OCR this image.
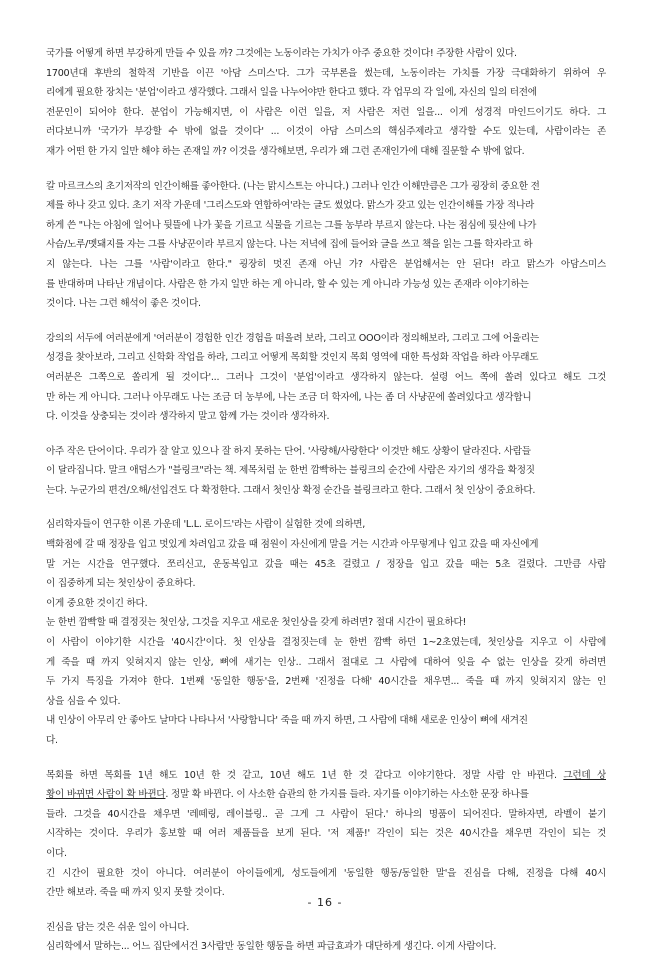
국가를 어떻게 하면 부강하게 만들 수 있을 까? 그것에는 노동이라는 가치가 아주 중요한 것이다! 주장한 사람이 있다.
1700년대 후반의 철학적 기반을 이끈 '아담 스미스'다. 그가 국부론을 썼는데, 노동이라는 가치를 가장 극대화하기 위하여 우
리에게 필요한 장치는 '분업'이라고 생각했다. 그래서 일을 나누어야만 한다고 했다. 각 업무의 각 일에, 자신의 일의 터전에
전문인이 되어야 한다. 분업이 가능해지면, 이 사람은 이런 일을, 저 사람은 저런 일을... 이게 성경적 마인드이기도 하다. 그
러다보니까 '국가가 부강할 수 밖에 없을 것이다' ... 이것이 아담 스미스의 핵심주제라고 생각할 수도 있는데, 사람이라는 존
재가 어떤 한 가지 일만 해야 하는 존재일 까? 이것을 생각해보면, 우리가 왜 그런 존재인가에 대해 질문할 수 밖에 없다.
칼 마르크스의 초기저작의 인간이해를 좋아한다. (나는 맑시스트는 아니다.) 그러나 인간 이해만큼은 그가 굉장히 중요한 전
제를 하나 갖고 있다. 초기 저작 가운데 '그리스도와 연합하여'라는 글도 썼었다. 맑스가 갖고 있는 인간이해를 가장 적나라
하게 쓴 "나는 아침에 일어나 뒷뜰에 나가 꽃을 기르고 식물을 기르는 그를 농부라 부르지 않는다. 나는 점심에 뒷산에 나가
사슴/노루/멧돼지를 자는 그를 사냥꾼이라 부르지 않는다. 나는 저녁에 집에 들어와 글을 쓰고 책을 읽는 그를 학자라고 하
지 않는다. 나는 그를 '사람'이라고 한다." 굉장히 멋진 존재 아닌 가? 사람은 분업해서는 안 된다! 라고 맑스가 아담스미스
를 반대하며 나타난 개념이다. 사람은 한 가지 일만 하는 게 아니라, 할 수 있는 게 아니라 가능성 있는 존재라 이야기하는
것이다. 나는 그런 해석이 좋은 것이다.
강의의 서두에 여러분에게 '여러분이 경험한 인간 경험을 떠올려 보라, 그리고 OOO이라 정의해보라, 그리고 그에 어울리는
성경을 찾아보라, 그리고 신학화 작업을 하라, 그리고 어떻게 목회할 것인지 목회 영역에 대한 특성화 작업을 하라 아무래도
여러분은 그쪽으로 쏠리게 될 것이다'... 그러나 그것이 '분업'이라고 생각하지 않는다. 설령 어느 쪽에 쏠려 있다고 해도 그것
만 하는 게 아니다. 그러나 아무래도 나는 조금 더 농부에, 나는 조금 더 학자에, 나는 좀 더 사냥꾼에 쏠려있다고 생각합니
다. 이것을 상충되는 것이라 생각하지 말고 함께 가는 것이라 생각하자.
아주 작은 단어이다. 우리가 잘 알고 있으나 잘 하지 못하는 단어. '사랑해/사랑한다' 이것만 해도 상황이 달라진다. 사람들
이 달라집니다. 말크 애덤스가 "블링크"라는 책. 제목처럼 눈 한번 깜빡하는 블링크의 순간에 사람은 자기의 생각을 확정짓
는다. 누군가의 편견/오해/선입견도 다 확정한다. 그래서 첫인상 확정 순간을 블링크라고 한다. 그래서 첫 인상이 중요하다.
심리학자들이 연구한 이론 가운데 'L.L. 로이드'라는 사람이 실험한 것에 의하면,
백화점에 갈 때 정장을 입고 멋있게 차려입고 갔을 때 점원이 자신에게 말을 거는 시간과 아무렇게나 입고 갔을 때 자신에게
말 거는 시간을 연구했다. 쪼리신고, 운동복입고 갔을 때는 45초 걸렸고 / 정장을 입고 갔을 때는 5초 걸렸다. 그만큼 사람
이 집중하게 되는 첫인상이 중요하다.
이게 중요한 것이긴 하다.
눈 한번 깜빡할 때 결정짓는 첫인상, 그것을 지우고 새로운 첫인상을 갖게 하려면? 절대 시간이 필요하다!
이 사람이 이야기한 시간을 '40시간'이다. 첫 인상을 결정짓는데 눈 한번 깜빡 하던 1~2초였는데, 첫인상을 지우고 이 사람에
게 죽을 때 까지 잊혀지지 않는 인상, 뼈에 새기는 인상.. 그래서 절대로 그 사람에 대하여 잊을 수 없는 인상을 갖게 하려면
두 가지 특징을 가져야 한다. 1번째 '동일한 행동'을, 2번째 '진정을 다해' 40시간을 채우면... 죽을 때 까지 잊혀지지 않는 인
상을 심을 수 있다.
내 인상이 아무리 안 좋아도 날마다 나타나서 '사랑합니다' 죽을 때 까지 하면, 그 사람에 대해 새로운 인상이 뼈에 새겨진
다.
목회를 하면 목회를 1년 해도 10년 한 것 같고, 10년 해도 1년 한 것 같다고 이야기한다. 정말 사람 안 바뀐다. 그런데 상
황이 바뀌면 사람이 확 바뀐다. 정말 확 바뀐다. 이 사소한 습관의 한 가지를 들라. 자기를 이야기하는 사소한 문장 하나를
들라. 그것을 40시간을 채우면 '레떼링, 레이블링.. 곧 그게 그 사람이 된다.' 하나의 명품이 되어진다. 말하자면, 라벨이 붙기
시작하는 것이다. 우리가 홍보할 때 여러 제품들을 보게 된다. '저 제품!' 각인이 되는 것은 40시간을 채우면 각인이 되는 것
이다.
긴 시간이 필요한 것이 아니다. 여러분이 아이들에게, 성도들에게 '동일한 행동/동일한 말'을 진심을 다해, 진정을 다해 40시
간만 해보라. 죽을 때 까지 잊지 못할 것이다.
진심을 담는 것은 쉬운 일이 아니다.
심리학에서 말하는... 어느 집단에서건 3사람만 동일한 행동을 하면 파급효과가 대단하게 생긴다. 이게 사람이다.
- 16 -
